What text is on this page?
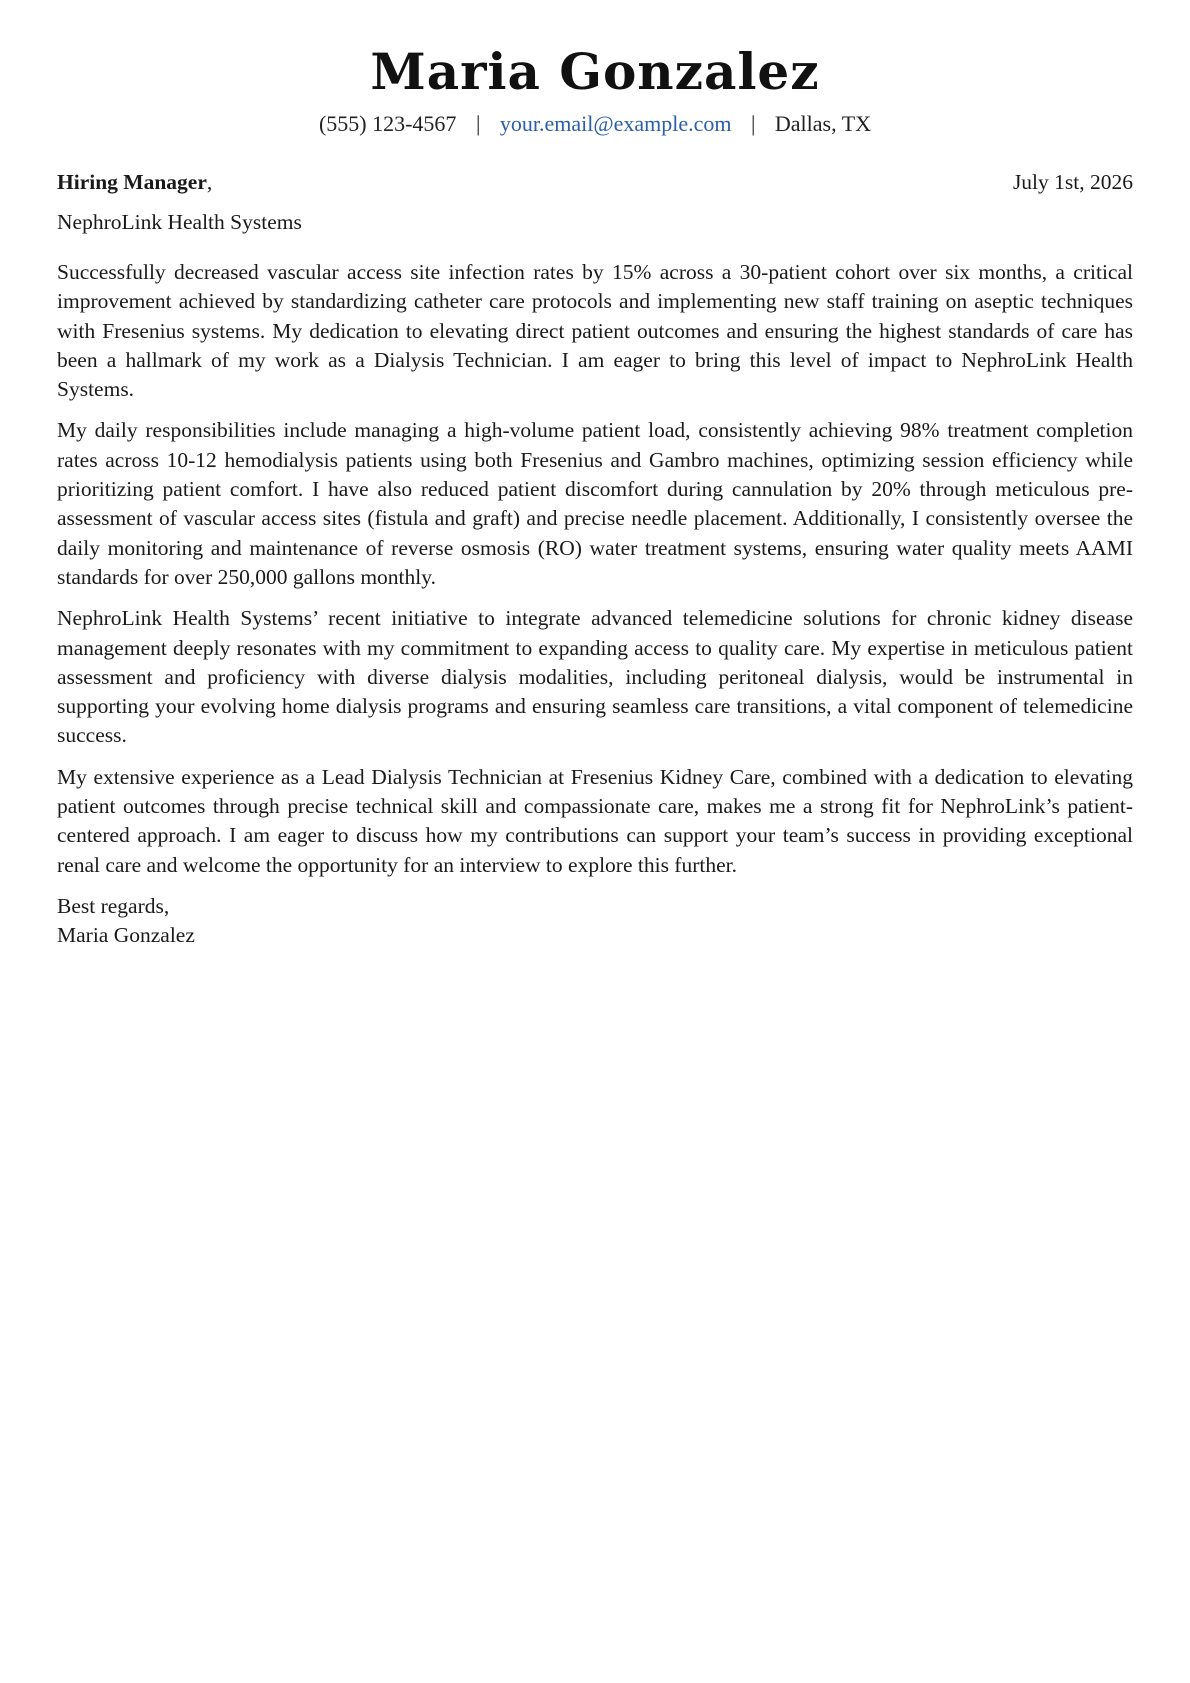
Maria Gonzalez
(555) 123-4567 | your.email@example.com | Dallas, TX
Hiring Manager,	July 1st, 2026
NephroLink Health Systems

Successfully decreased vascular access site infection rates by 15% across a 30-patient cohort over six months, a critical improvement achieved by standardizing catheter care protocols and implementing new staff training on aseptic techniques with Fresenius systems. My dedication to elevating direct patient outcomes and ensuring the highest standards of care has been a hallmark of my work as a Dialysis Technician. I am eager to bring this level of impact to NephroLink Health Systems.

My daily responsibilities include managing a high-volume patient load, consistently achieving 98% treatment completion rates across 10-12 hemodialysis patients using both Fresenius and Gambro machines, optimizing session efficiency while prioritizing patient comfort. I have also reduced patient discomfort during cannulation by 20% through meticulous pre-assessment of vascular access sites (fistula and graft) and precise needle placement. Additionally, I consistently oversee the daily monitoring and maintenance of reverse osmosis (RO) water treatment systems, ensuring water quality meets AAMI standards for over 250,000 gallons monthly.

NephroLink Health Systems’ recent initiative to integrate advanced telemedicine solutions for chronic kidney disease management deeply resonates with my commitment to expanding access to quality care. My expertise in meticulous patient assessment and proficiency with diverse dialysis modalities, including peritoneal dialysis, would be instrumental in supporting your evolving home dialysis programs and ensuring seamless care transitions, a vital component of telemedicine success.

My extensive experience as a Lead Dialysis Technician at Fresenius Kidney Care, combined with a dedication to elevating patient outcomes through precise technical skill and compassionate care, makes me a strong fit for NephroLink’s patient-centered approach. I am eager to discuss how my contributions can support your team’s success in providing exceptional renal care and welcome the opportunity for an interview to explore this further.

Best regards,
Maria Gonzalez
